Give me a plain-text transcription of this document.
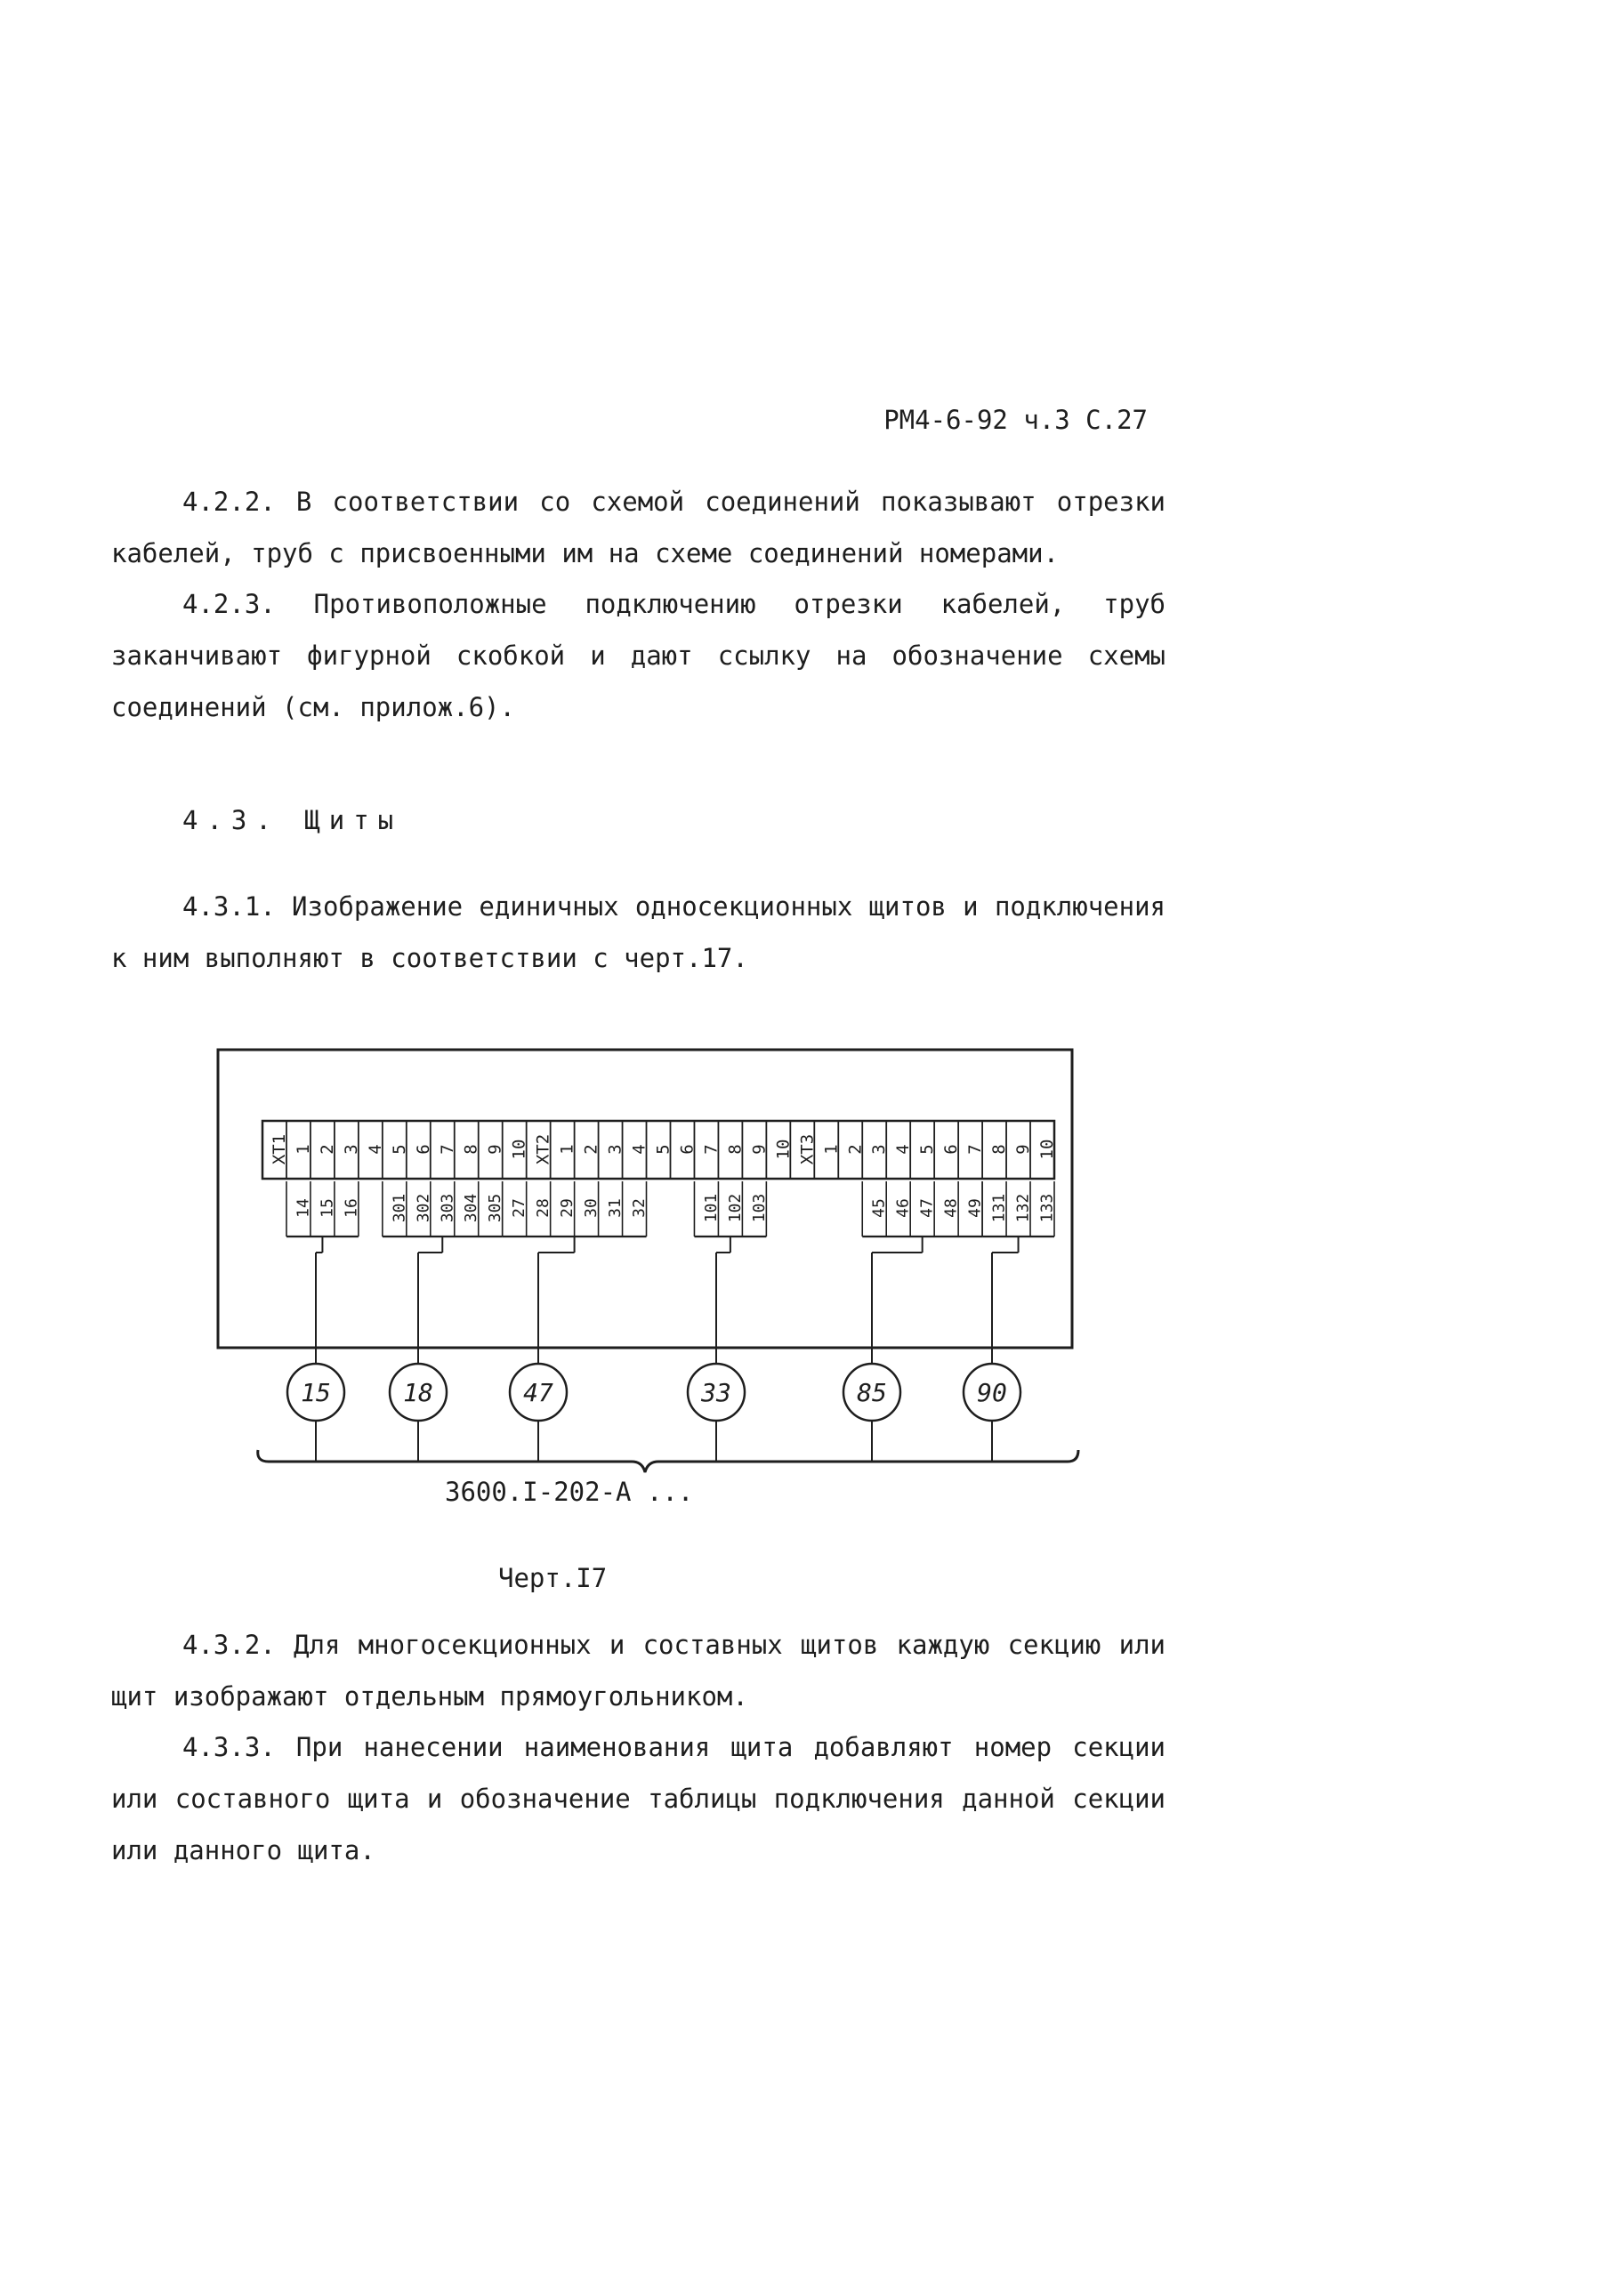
РМ4-6-92 ч.3 С.27
4.2.2. В соответствии со схемой соединений показывают отрезки кабелей, труб с присвоенными им на схеме соединений номерами.
4.2.3. Противоположные подключению отрезки кабелей, труб заканчивают фигурной скобкой и дают ссылку на обозначение схемы соединений (см. прилож.6).
4.3. Щиты
4.3.1. Изображение единичных односекционных щитов и подключения к ним выполняют в соответствии с черт.17.
ХТ1 1 2 3 4 5 6 7 8 9 10 ХТ2 1 2 3 4 5 6 7 8 9 10 ХТ3 1 2 3 4 5 6 7 8 9 10
14 15 16
15
301 302 303 304 305
18
27 28 29 30 31 32
47
101 102 103
33
45 46 47 48 49
85
131 132 133
90
3600.I-202-A ...
Черт.I7
4.3.2. Для многосекционных и составных щитов каждую секцию или щит изображают отдельным прямоугольником.
4.3.3. При нанесении наименования щита добавляют номер секции или составного щита и обозначение таблицы подключения данной секции или данного щита.
